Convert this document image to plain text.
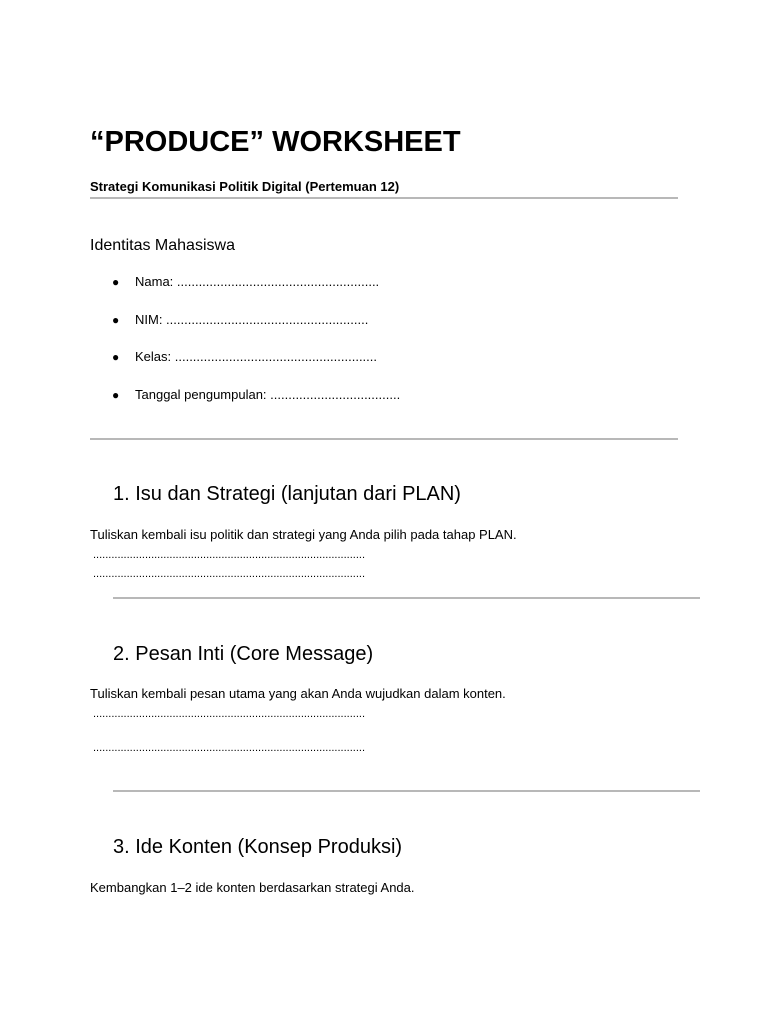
“PRODUCE” WORKSHEET
Strategi Komunikasi Politik Digital (Pertemuan 12)
Identitas Mahasiswa
● Nama: ........................................................
● NIM: ........................................................
● Kelas: ........................................................
● Tanggal pengumpulan: ....................................
1. Isu dan Strategi (lanjutan dari PLAN)
Tuliskan kembali isu politik dan strategi yang Anda pilih pada tahap PLAN.
.........................................................................................
.........................................................................................
2. Pesan Inti (Core Message)
Tuliskan kembali pesan utama yang akan Anda wujudkan dalam konten.
.........................................................................................
.........................................................................................
3. Ide Konten (Konsep Produksi)
Kembangkan 1–2 ide konten berdasarkan strategi Anda.
